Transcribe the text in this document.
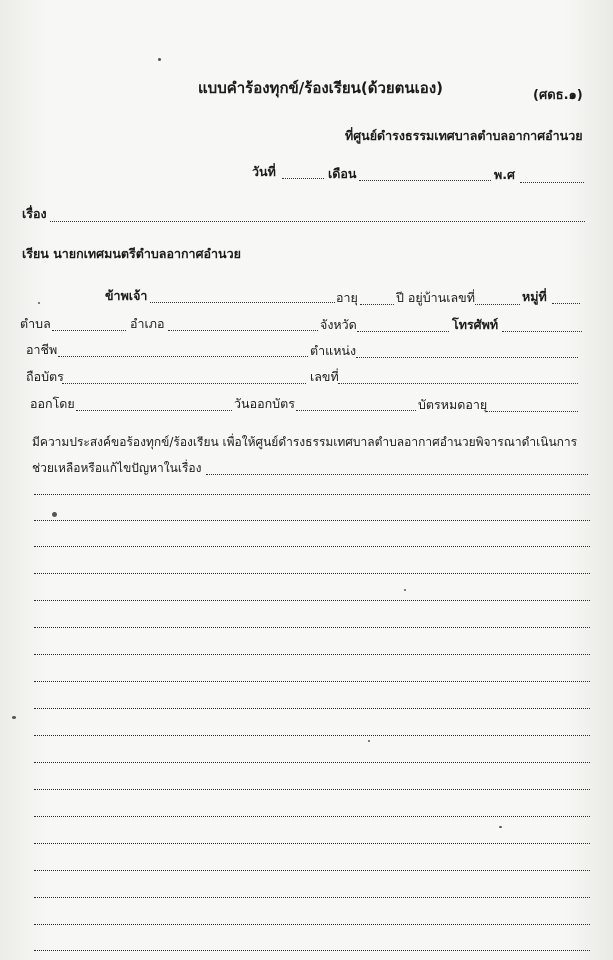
แบบคำร้องทุกข์/ร้องเรียน(ด้วยตนเอง)	(ศดธ.๑)
ที่ศูนย์ดำรงธรรมเทศบาลตำบลอากาศอำนวย
วันที่	เดือน	พ.ศ
เรื่อง
เรียน นายกเทศมนตรีตำบลอากาศอำนวย
ข้าพเจ้า	อายุ	ปี อยู่บ้านเลขที่	หมู่ที่
ตำบล	อำเภอ	จังหวัด	โทรศัพท์
อาชีพ	ตำแหน่ง
ถือบัตร	เลขที่
ออกโดย	วันออกบัตร	บัตรหมดอายุ
มีความประสงค์ขอร้องทุกข์/ร้องเรียน เพื่อให้ศูนย์ดำรงธรรมเทศบาลตำบลอากาศอำนวยพิจารณาดำเนินการ
ช่วยเหลือหรือแก้ไขปัญหาในเรื่อง
